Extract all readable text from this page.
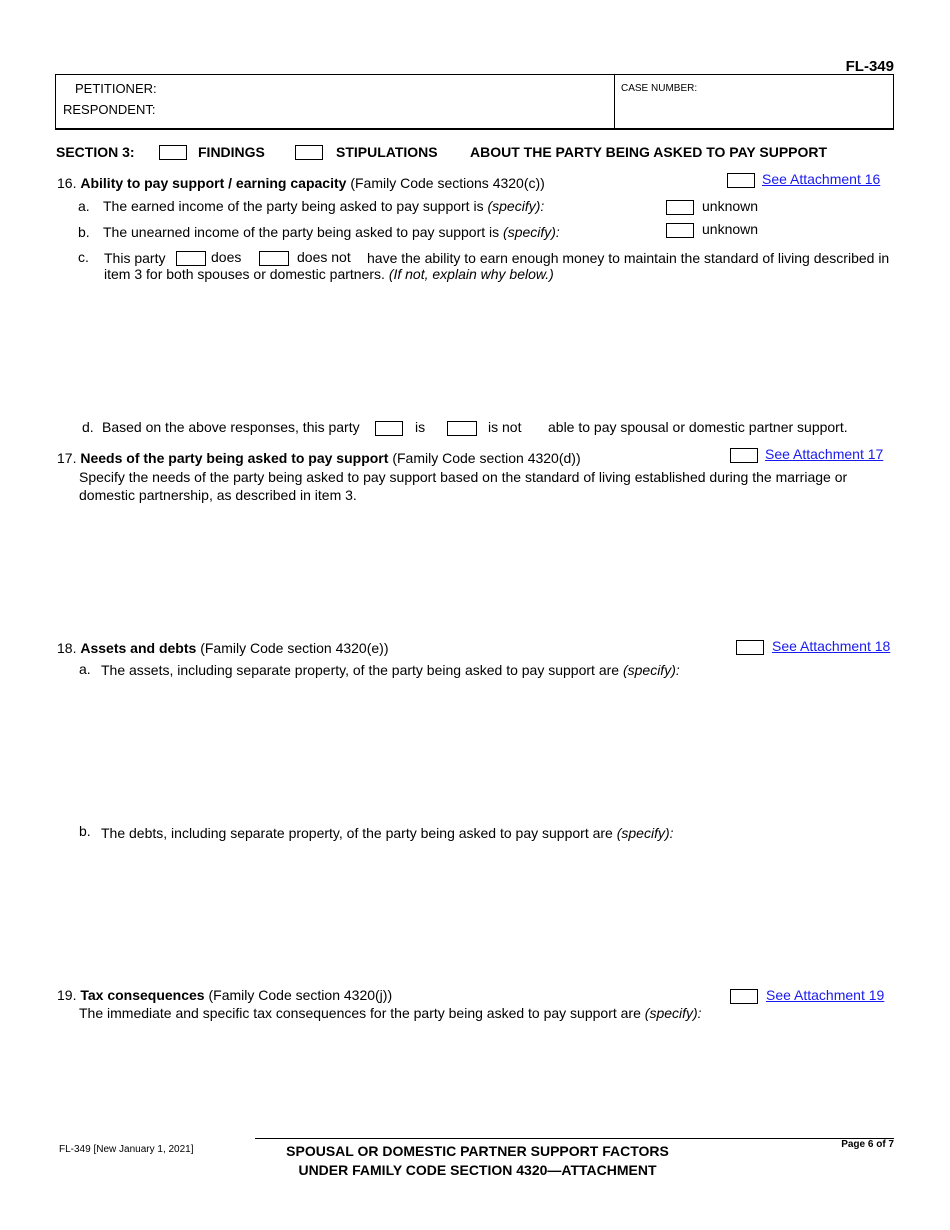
FL-349
PETITIONER:
RESPONDENT:
CASE NUMBER:
SECTION 3:	FINDINGS	STIPULATIONS ABOUT THE PARTY BEING ASKED TO PAY SUPPORT
16. Ability to pay support / earning capacity (Family Code sections 4320(c))	See Attachment 16
a. The earned income of the party being asked to pay support is (specify):	unknown
b. The unearned income of the party being asked to pay support is (specify):	unknown
c. This party	does	does not have the ability to earn enough money to maintain the standard of living described in
item 3 for both spouses or domestic partners. (If not, explain why below.)
d. Based on the above responses, this party	is	is not able to pay spousal or domestic partner support.
17. Needs of the party being asked to pay support (Family Code section 4320(d))	See Attachment 17
Specify the needs of the party being asked to pay support based on the standard of living established during the marriage or
domestic partnership, as described in item 3.
18. Assets and debts (Family Code section 4320(e))	See Attachment 18
a. The assets, including separate property, of the party being asked to pay support are (specify):
b. The debts, including separate property, of the party being asked to pay support are (specify):
19. Tax consequences (Family Code section 4320(j))	See Attachment 19
The immediate and specific tax consequences for the party being asked to pay support are (specify):
FL-349 [New January 1, 2021]	SPOUSAL OR DOMESTIC PARTNER SUPPORT FACTORS
UNDER FAMILY CODE SECTION 4320—ATTACHMENT
Page 6 of 7
